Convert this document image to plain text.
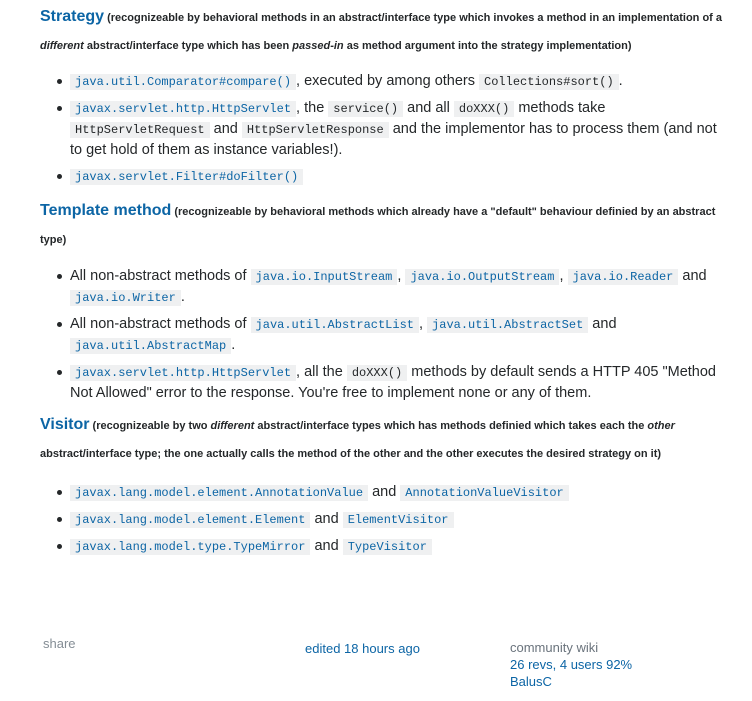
Strategy (recognizeable by behavioral methods in an abstract/interface type which invokes a method in an implementation of a different abstract/interface type which has been passed-in as method argument into the strategy implementation)

java.util.Comparator#compare() , executed by among others Collections#sort() .
javax.servlet.http.HttpServlet , the service() and all doXXX() methods take HttpServletRequest and HttpServletResponse and the implementor has to process them (and not to get hold of them as instance variables!).
javax.servlet.Filter#doFilter()

Template method (recognizeable by behavioral methods which already have a "default" behaviour definied by an abstract type)

All non-abstract methods of java.io.InputStream , java.io.OutputStream , java.io.Reader and java.io.Writer .
All non-abstract methods of java.util.AbstractList , java.util.AbstractSet and java.util.AbstractMap .
javax.servlet.http.HttpServlet , all the doXXX() methods by default sends a HTTP 405 "Method Not Allowed" error to the response. You're free to implement none or any of them.

Visitor (recognizeable by two different abstract/interface types which has methods definied which takes each the other abstract/interface type; the one actually calls the method of the other and the other executes the desired strategy on it)

javax.lang.model.element.AnnotationValue and AnnotationValueVisitor
javax.lang.model.element.Element and ElementVisitor
javax.lang.model.type.TypeMirror and TypeVisitor
share	edited 18 hours ago	community wiki
26 revs, 4 users 92%
BalusC
